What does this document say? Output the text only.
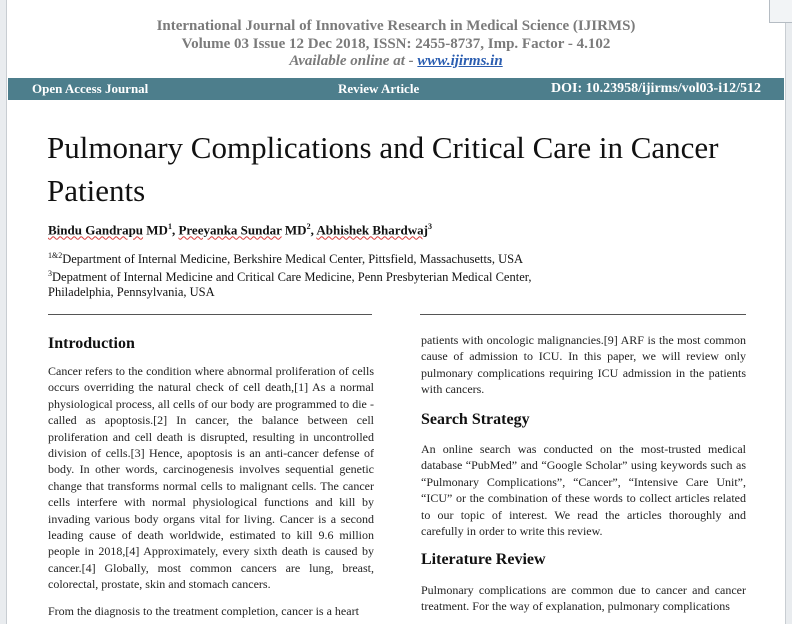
International Journal of Innovative Research in Medical Science (IJIRMS)
Volume 03 Issue 12 Dec 2018, ISSN: 2455-8737, Imp. Factor - 4.102
Available online at - www.ijirms.in
Open Access Journal	Review Article	DOI: 10.23958/ijirms/vol03-i12/512
Pulmonary Complications and Critical Care in Cancer Patients
Bindu Gandrapu $MD^1$, Preeyanka Sundar $MD^2$, Abhishek Bhardwaj$^3$
$^{1\&2}$Department of Internal Medicine, Berkshire Medical Center, Pittsfield, Massachusetts, USA
$^3$Depatment of Internal Medicine and Critical Care Medicine, Penn Presbyterian Medical Center,
Philadelphia, Pennsylvania, USA
Introduction
Cancer refers to the condition where abnormal proliferation of cells occurs overriding the natural check of cell death,[1] As a normal physiological process, all cells of our body are programmed to die - called as apoptosis.[2] In cancer, the balance between cell proliferation and cell death is disrupted, resulting in uncontrolled division of cells.[3] Hence, apoptosis is an anti-cancer defense of body. In other words, carcinogenesis involves sequential genetic change that transforms normal cells to malignant cells. The cancer cells interfere with normal physiological functions and kill by invading various body organs vital for living. Cancer is a second leading cause of death worldwide, estimated to kill 9.6 million people in 2018,[4] Approximately, every sixth death is caused by cancer.[4] Globally, most common cancers are lung, breast, colorectal, prostate, skin and stomach cancers.
From the diagnosis to the treatment completion, cancer is a heart
patients with oncologic malignancies.[9] ARF is the most common cause of admission to ICU. In this paper, we will review only pulmonary complications requiring ICU admission in the patients with cancers.
Search Strategy
An online search was conducted on the most-trusted medical database “PubMed” and “Google Scholar” using keywords such as “Pulmonary Complications”, “Cancer”, “Intensive Care Unit”, “ICU” or the combination of these words to collect articles related to our topic of interest. We read the articles thoroughly and carefully in order to write this review.
Literature Review
Pulmonary complications are common due to cancer and cancer treatment. For the way of explanation, pulmonary complications
